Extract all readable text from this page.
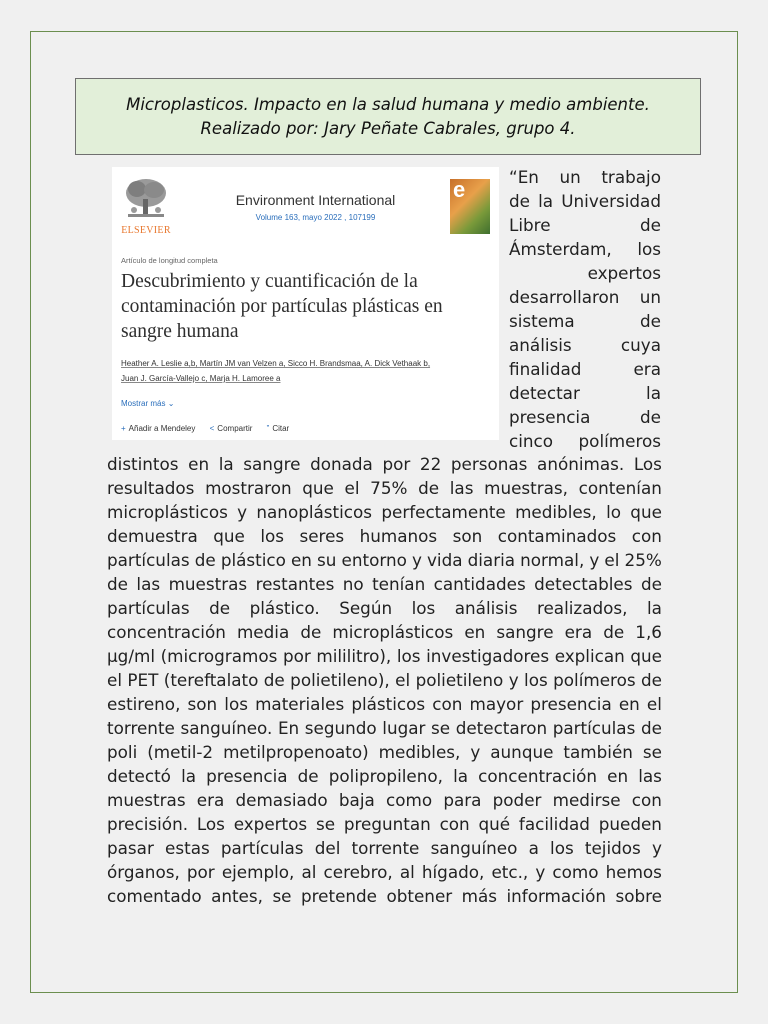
Microplasticos. Impacto en la salud humana y medio ambiente.
Realizado por: Jary Peñate Cabrales, grupo 4.
ELSEVIER
Environment International
Volume 163, mayo 2022 , 107199
e
Artículo de longitud completa
Descubrimiento y cuantificación de la
contaminación por partículas plásticas en
sangre humana
Heather A. Leslie a,b, Martín JM van Velzen a, Sicco H. Brandsmaa, A. Dick Vethaak b,
Juan J. García-Vallejo c, Marja H. Lamoree a
Mostrar más ⌄
+ Añadir a Mendeley < Compartir ” Citar
“En un trabajo
de la Universidad
Libre	de
Ámsterdam, los
expertos
desarrollaron un
sistema	de
análisis	cuya
finalidad	era
detectar	la
presencia	de
cinco polímeros
distintos en la sangre donada por 22 personas anónimas. Los
resultados mostraron que el 75% de las muestras, contenían
microplásticos y nanoplásticos perfectamente medibles, lo que
demuestra que los seres humanos son contaminados con
partículas de plástico en su entorno y vida diaria normal, y el 25%
de las muestras restantes no tenían cantidades detectables de
partículas de plástico. Según los análisis realizados, la
concentración media de microplásticos en sangre era de 1,6
µg/ml (microgramos por mililitro), los investigadores explican que
el PET (tereftalato de polietileno), el polietileno y los polímeros de
estireno, son los materiales plásticos con mayor presencia en el
torrente sanguíneo. En segundo lugar se detectaron partículas de
poli (metil-2 metilpropenoato) medibles, y aunque también se
detectó la presencia de polipropileno, la concentración en las
muestras era demasiado baja como para poder medirse con
precisión. Los expertos se preguntan con qué facilidad pueden
pasar estas partículas del torrente sanguíneo a los tejidos y
órganos, por ejemplo, al cerebro, al hígado, etc., y como hemos
comentado antes, se pretende obtener más información sobre
